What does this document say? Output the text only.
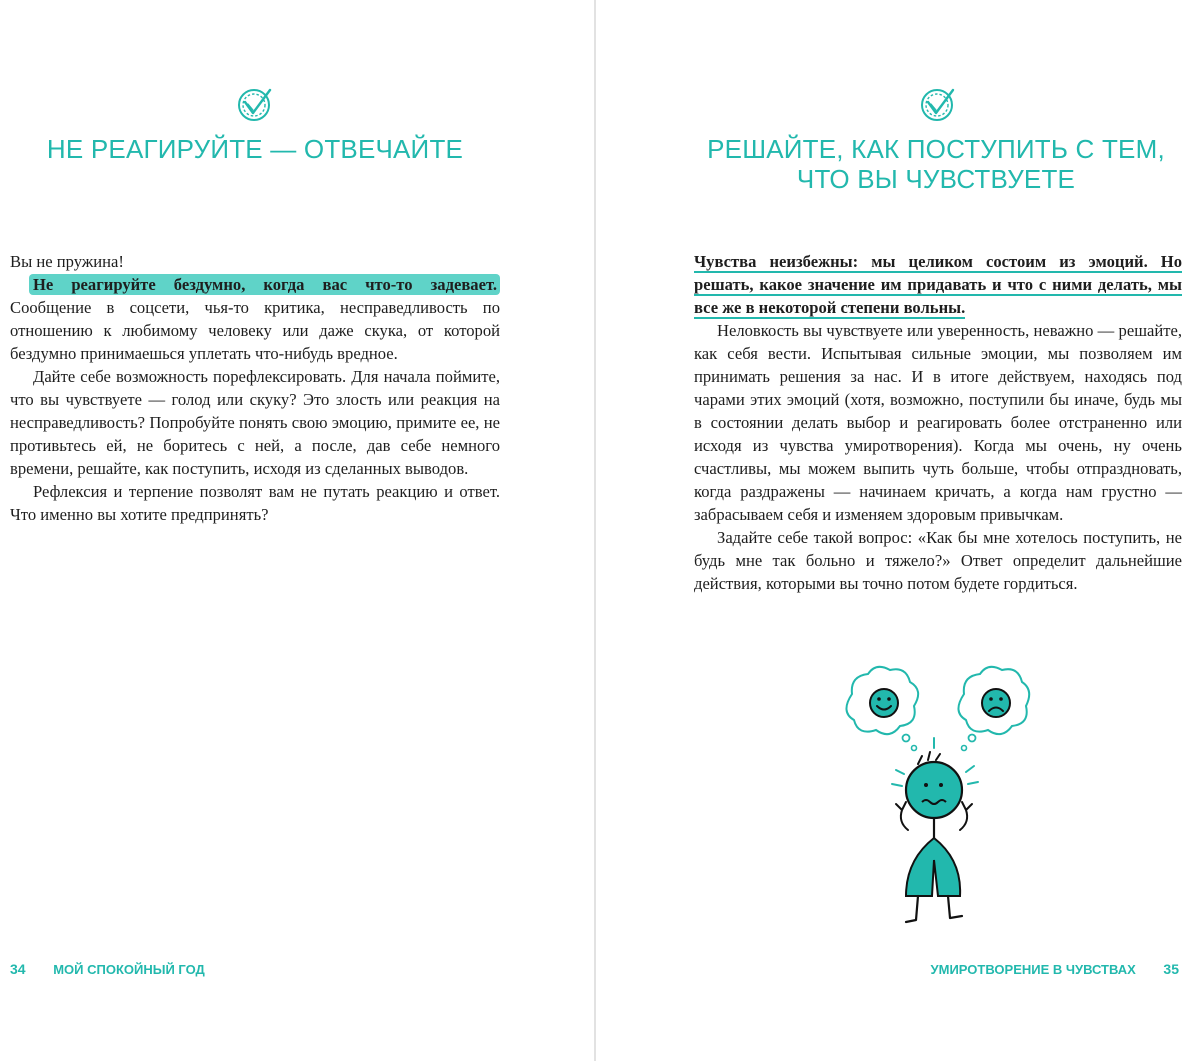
НЕ РЕАГИРУЙТЕ — ОТВЕЧАЙТЕ

Вы не пружина!

Не реагируйте бездумно, когда вас что-то задевает. Сообщение в соцсети, чья-то критика, несправедливость по отношению к любимому человеку или даже скука, от которой бездумно принимаешься уплетать что-нибудь вредное.

Дайте себе возможность порефлексировать. Для начала поймите, что вы чувствуете — голод или скуку? Это злость или реакция на несправедливость? Попробуйте понять свою эмоцию, примите ее, не противьтесь ей, не боритесь с ней, а после, дав себе немного времени, решайте, как поступить, исходя из сделанных выводов.

Рефлексия и терпение позволят вам не путать реакцию и ответ. Что именно вы хотите предпринять?

34 МОЙ СПОКОЙНЫЙ ГОД
РЕШАЙТЕ, КАК ПОСТУПИТЬ С ТЕМ,
ЧТО ВЫ ЧУВСТВУЕТЕ

Чувства неизбежны: мы целиком состоим из эмоций. Но решать, какое значение им придавать и что с ними делать, мы все же в некоторой степени вольны.

Неловкость вы чувствуете или уверенность, неважно — решайте, как себя вести. Испытывая сильные эмоции, мы позволяем им принимать решения за нас. И в итоге действуем, находясь под чарами этих эмоций (хотя, возможно, поступили бы иначе, будь мы в состоянии делать выбор и реагировать более отстраненно или исходя из чувства умиротворения). Когда мы очень, ну очень счастливы, мы можем выпить чуть больше, чтобы отпраздновать, когда раздражены — начинаем кричать, а когда нам грустно — забрасываем себя и изменяем здоровым привычкам.

Задайте себе такой вопрос: «Как бы мне хотелось поступить, не будь мне так больно и тяжело?» Ответ определит дальнейшие действия, которыми вы точно потом будете гордиться.

УМИРОТВОРЕНИЕ В ЧУВСТВАХ 35
